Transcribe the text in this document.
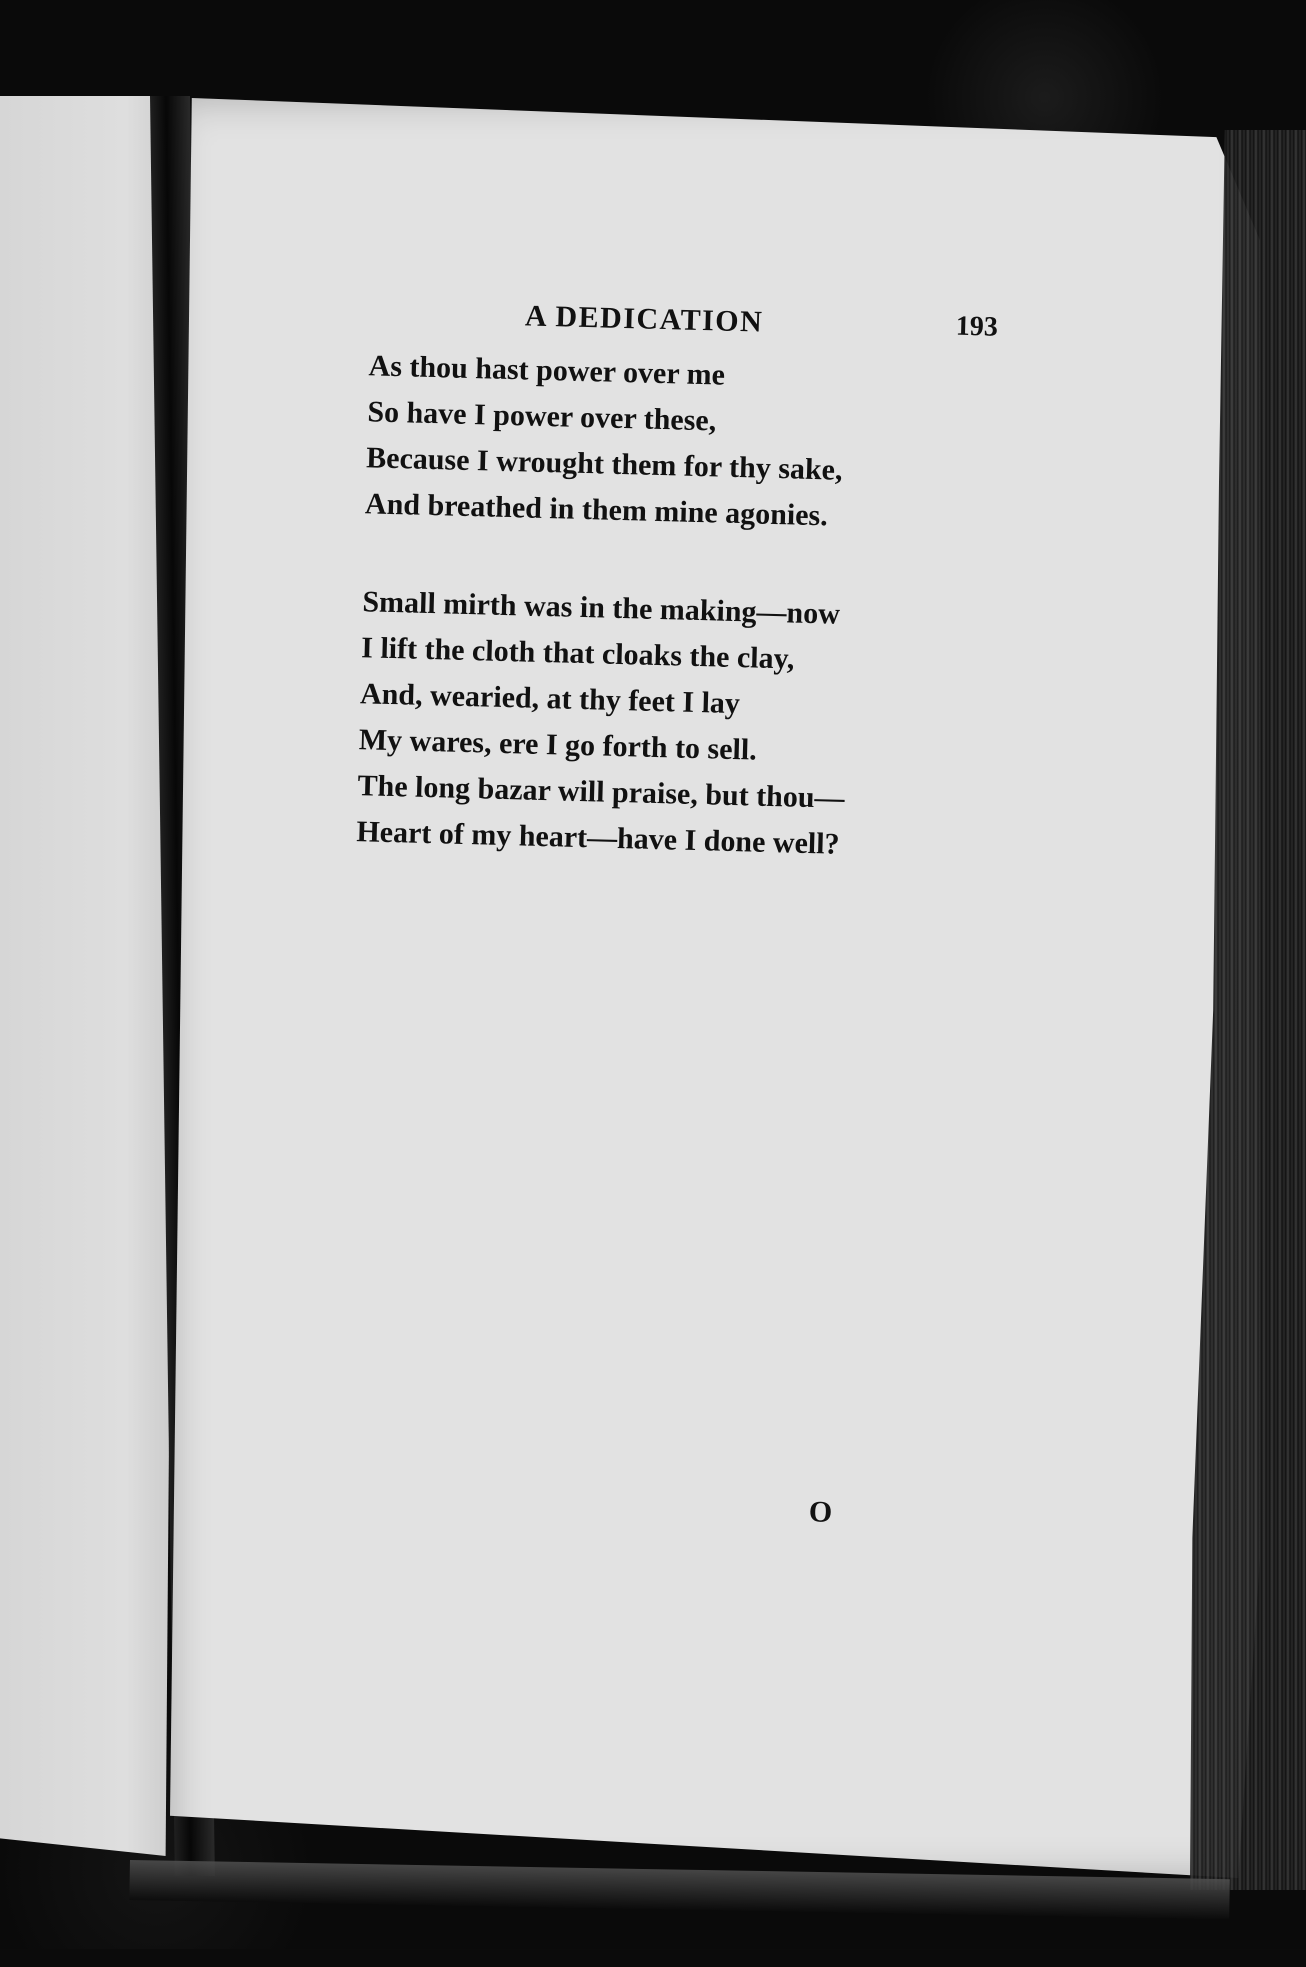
A DEDICATION	193
As thou hast power over me
So have I power over these,
Because I wrought them for thy sake,
And breathed in them mine agonies.
Small mirth was in the making—now
I lift the cloth that cloaks the clay,
And, wearied, at thy feet I lay
My wares, ere I go forth to sell.
The long bazar will praise, but thou—
Heart of my heart—have I done well?
O
